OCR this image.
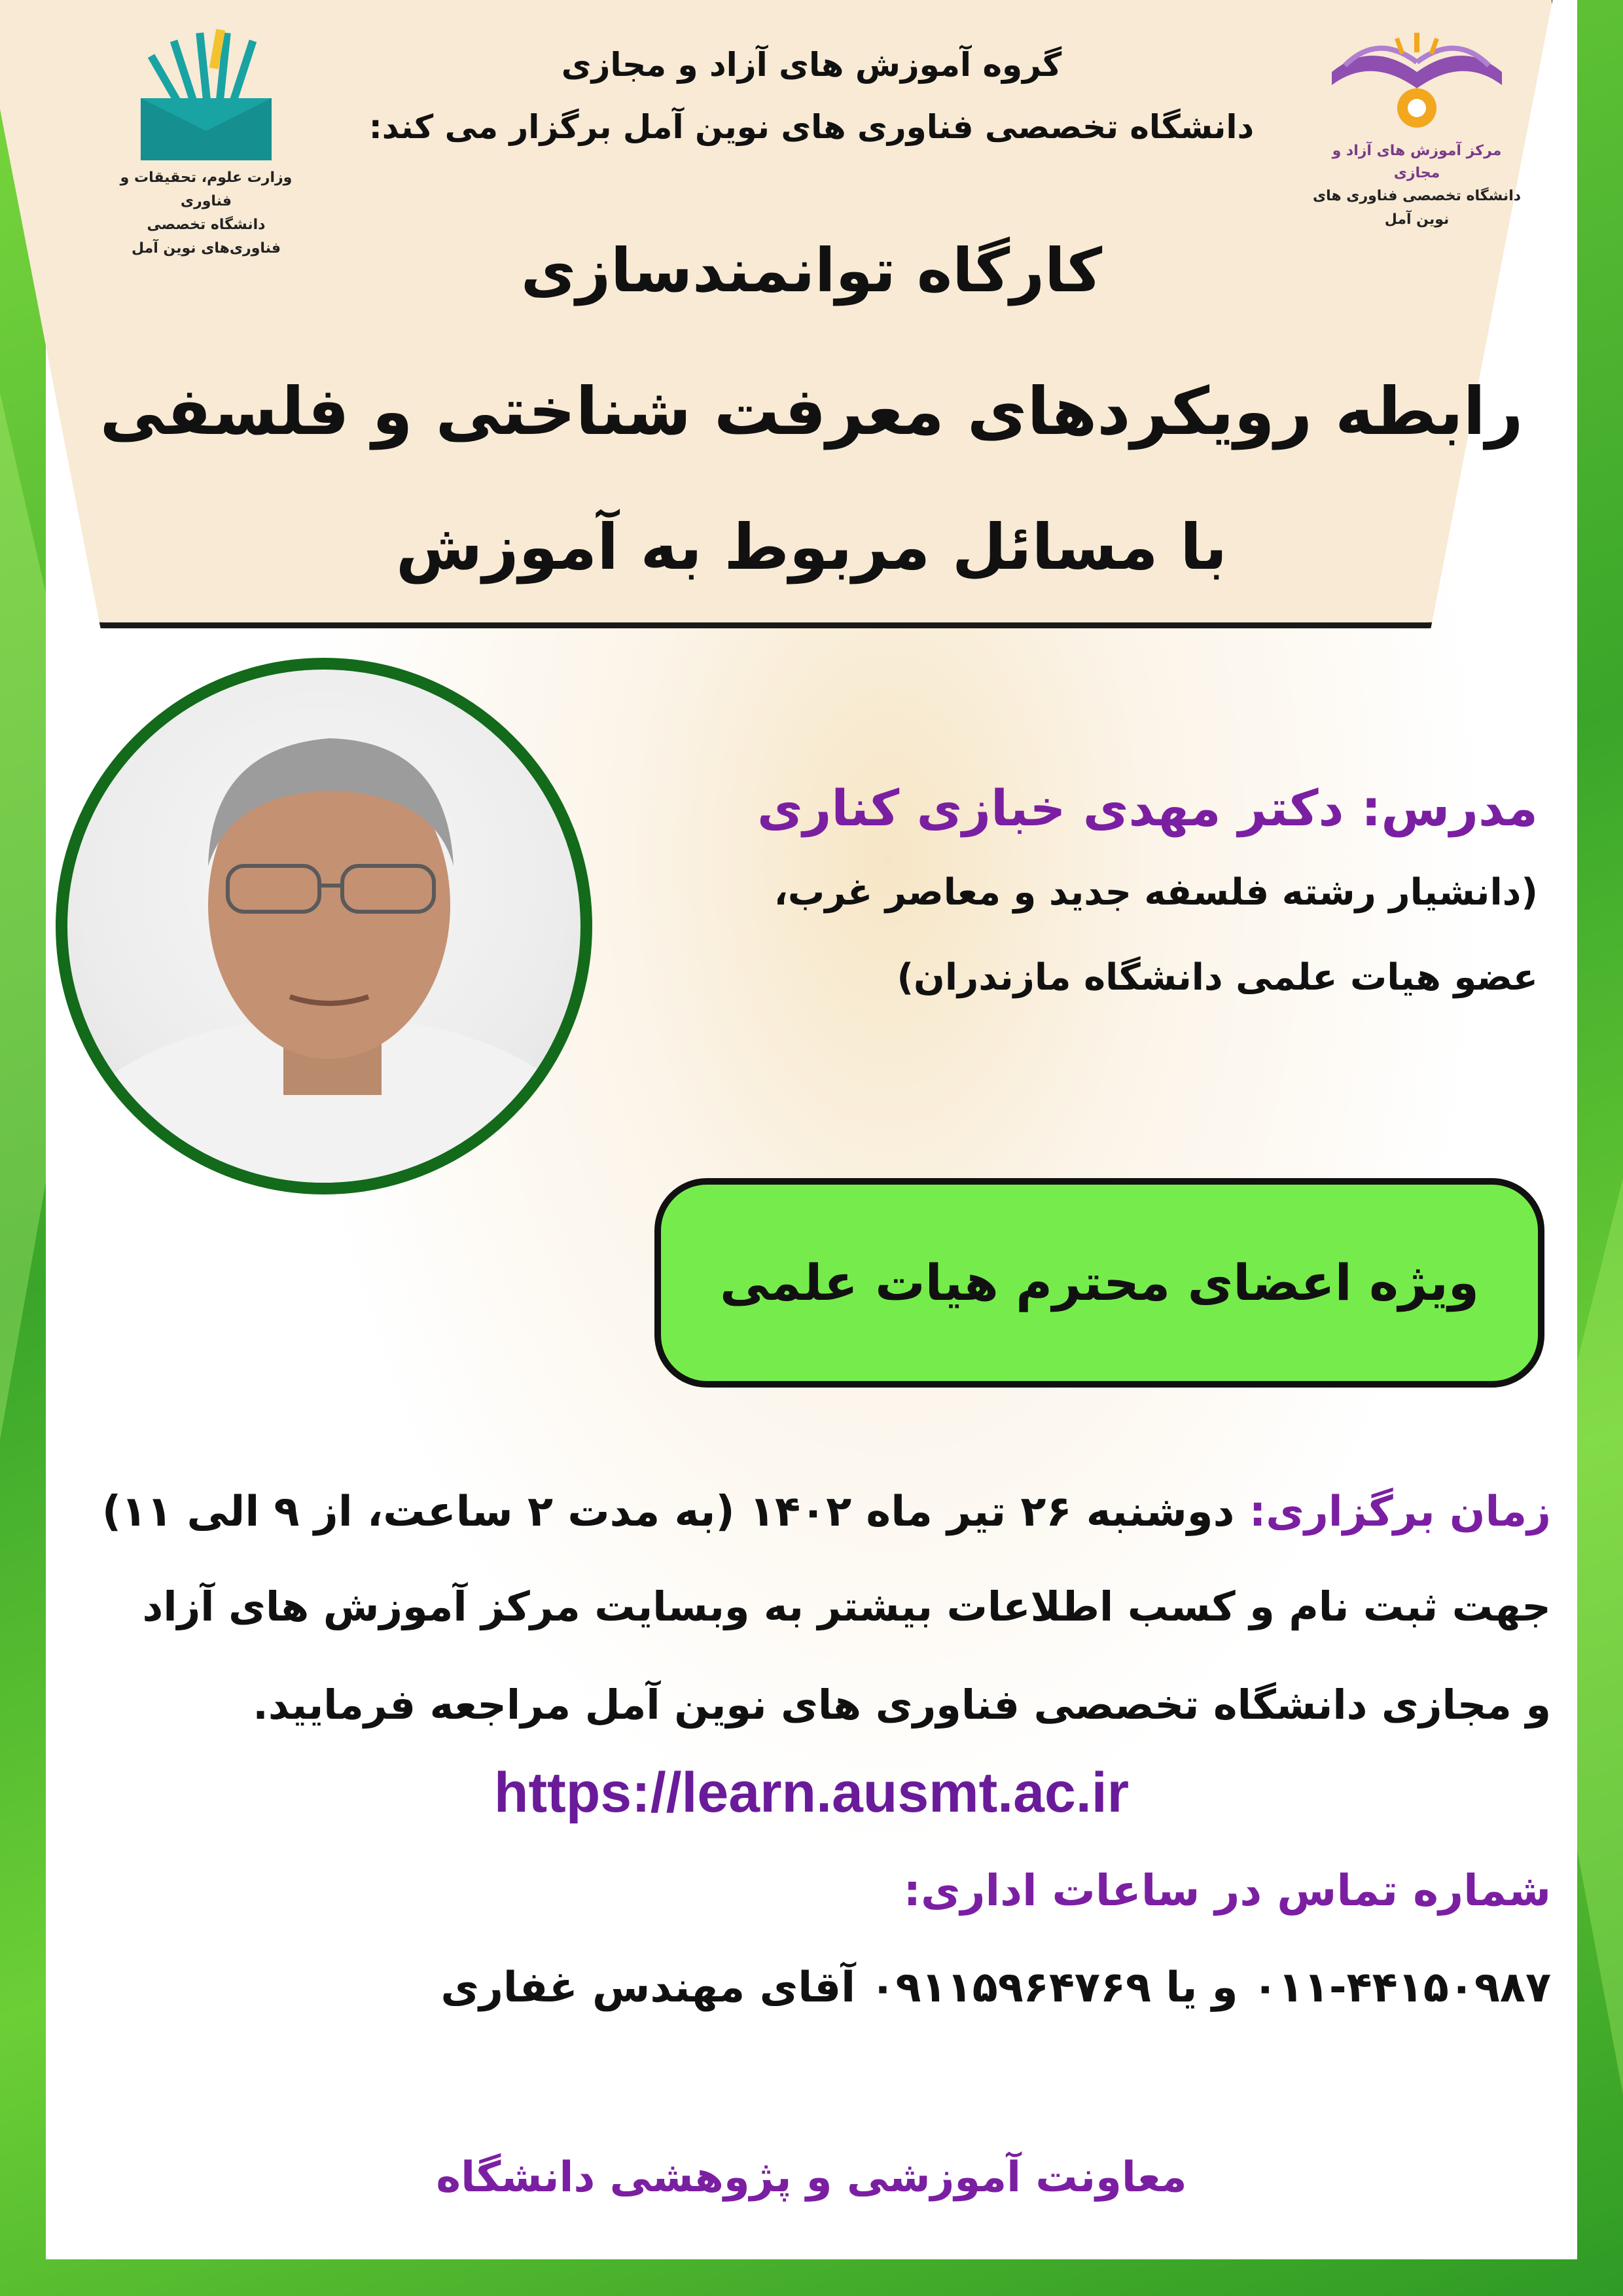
گروه آموزش های آزاد و مجازی
دانشگاه تخصصی فناوری های نوین آمل برگزار می کند:
کارگاه توانمندسازی
رابطه رویکردهای معرفت شناختی و فلسفی
با مسائل مربوط به آموزش
وزارت علوم، تحقیقات و فناوری
دانشگاه تخصصی فناوری‌های نوین آمل
مرکز آموزش های آزاد و مجازی
دانشگاه تخصصی فناوری های نوین آمل
مدرس: دکتر مهدی خبازی کناری
(دانشیار رشته فلسفه جدید و معاصر غرب،
عضو هیات علمی دانشگاه مازندران)
ویژه اعضای محترم هیات علمی
زمان برگزاری: دوشنبه ۲۶ تیر ماه ۱۴۰۲ (به مدت ۲ ساعت، از ۹ الی ۱۱)
جهت ثبت نام و کسب اطلاعات بیشتر به وبسایت مرکز آموزش های آزاد
و مجازی دانشگاه تخصصی فناوری های نوین آمل مراجعه فرمایید.
https://learn.ausmt.ac.ir
شماره تماس در ساعات اداری:
۰۱۱-۴۴۱۵۰۹۸۷ و یا ۰۹۱۱۵۹۶۴۷۶۹ آقای مهندس غفاری
معاونت آموزشی و پژوهشی دانشگاه
